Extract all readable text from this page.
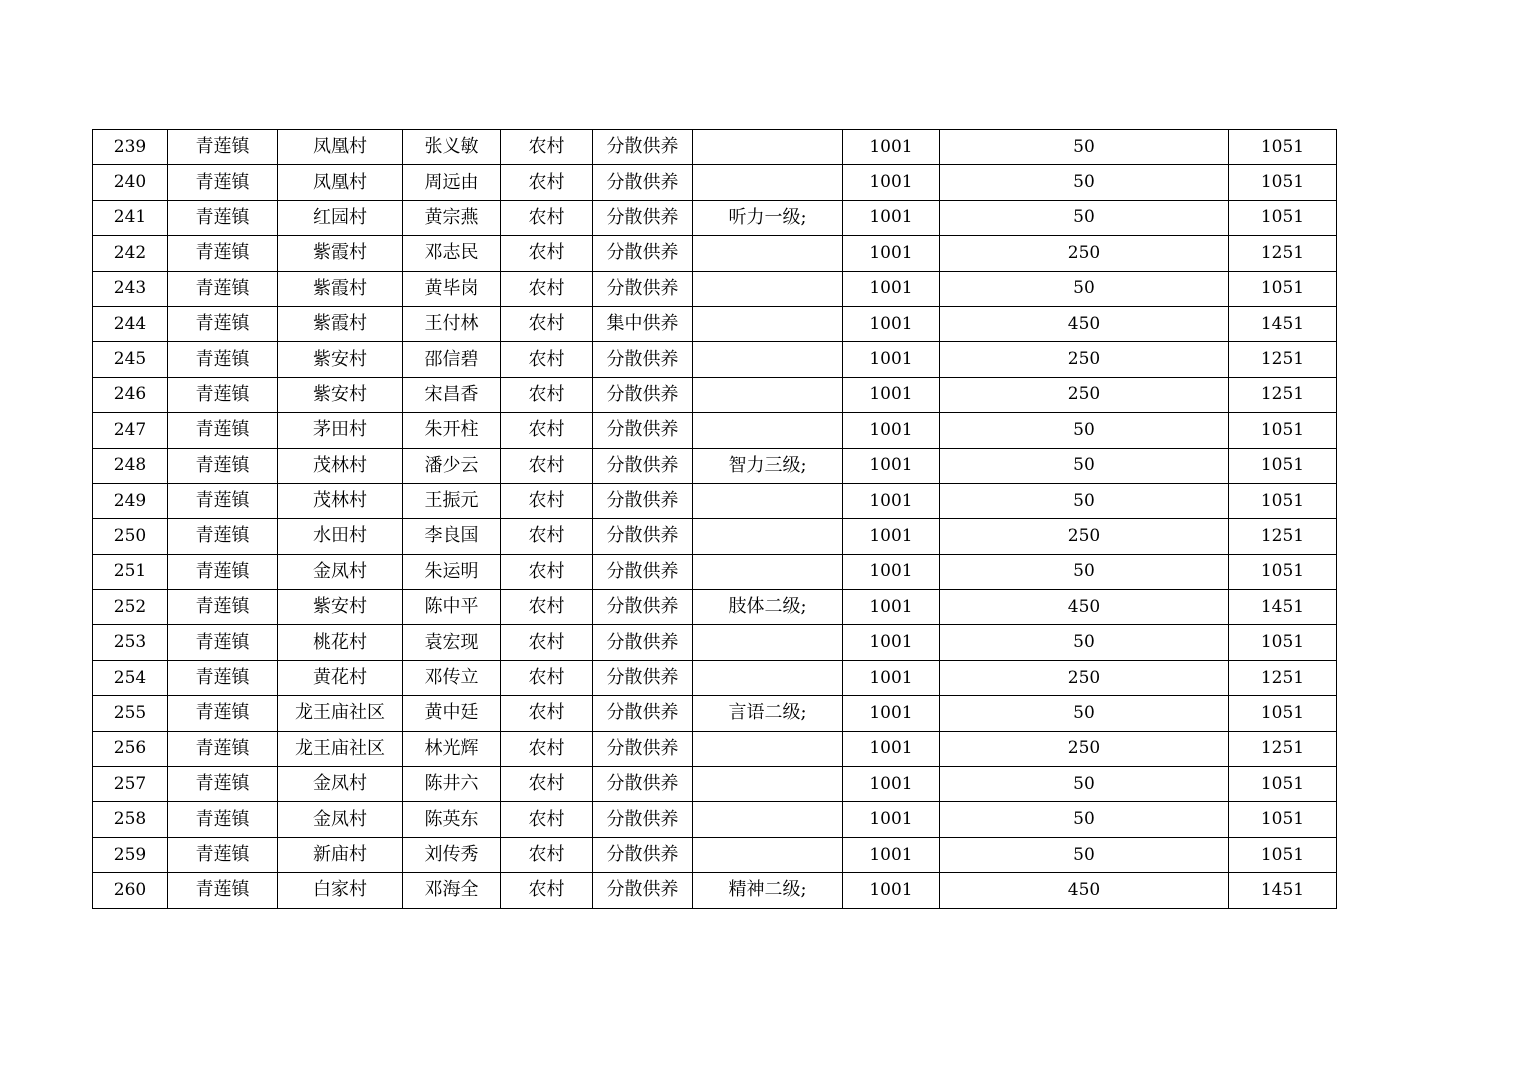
239	青莲镇	凤凰村	张义敏	农村	分散供养		1001	50	1051
240	青莲镇	凤凰村	周远由	农村	分散供养		1001	50	1051
241	青莲镇	红园村	黄宗燕	农村	分散供养	听力一级;	1001	50	1051
242	青莲镇	紫霞村	邓志民	农村	分散供养		1001	250	1251
243	青莲镇	紫霞村	黄毕岗	农村	分散供养		1001	50	1051
244	青莲镇	紫霞村	王付林	农村	集中供养		1001	450	1451
245	青莲镇	紫安村	邵信碧	农村	分散供养		1001	250	1251
246	青莲镇	紫安村	宋昌香	农村	分散供养		1001	250	1251
247	青莲镇	茅田村	朱开柱	农村	分散供养		1001	50	1051
248	青莲镇	茂林村	潘少云	农村	分散供养	智力三级;	1001	50	1051
249	青莲镇	茂林村	王振元	农村	分散供养		1001	50	1051
250	青莲镇	水田村	李良国	农村	分散供养		1001	250	1251
251	青莲镇	金凤村	朱运明	农村	分散供养		1001	50	1051
252	青莲镇	紫安村	陈中平	农村	分散供养	肢体二级;	1001	450	1451
253	青莲镇	桃花村	袁宏现	农村	分散供养		1001	50	1051
254	青莲镇	黄花村	邓传立	农村	分散供养		1001	250	1251
255	青莲镇	龙王庙社区	黄中廷	农村	分散供养	言语二级;	1001	50	1051
256	青莲镇	龙王庙社区	林光辉	农村	分散供养		1001	250	1251
257	青莲镇	金凤村	陈井六	农村	分散供养		1001	50	1051
258	青莲镇	金凤村	陈英东	农村	分散供养		1001	50	1051
259	青莲镇	新庙村	刘传秀	农村	分散供养		1001	50	1051
260	青莲镇	白家村	邓海全	农村	分散供养	精神二级;	1001	450	1451
